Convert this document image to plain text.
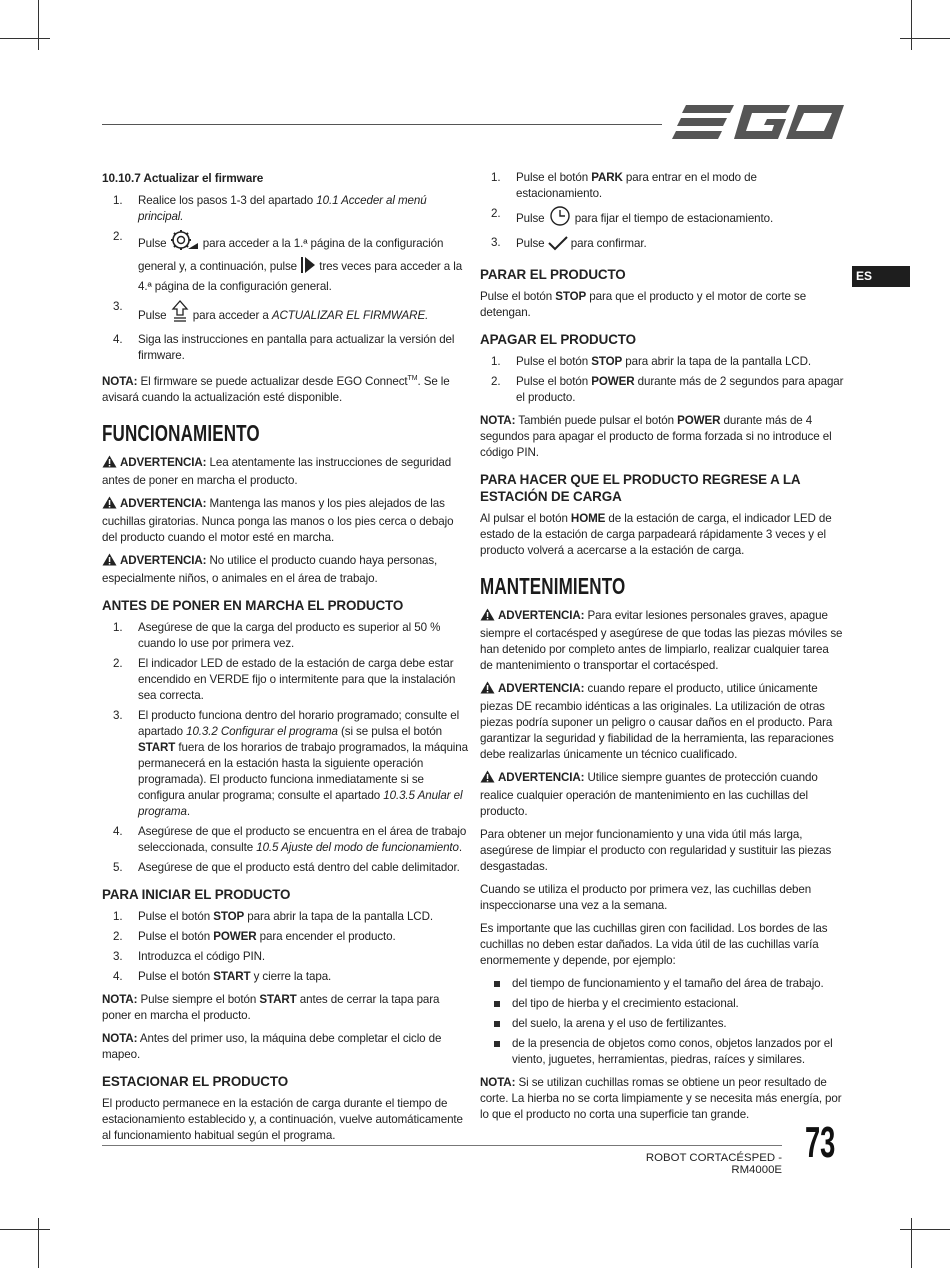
ES
10.10.7 Actualizar el firmware
1. Realice los pasos 1-3 del apartado 10.1 Acceder al menú principal.
2.
Pulse	para acceder a la 1.ª página de la configuración general y, a continuación, pulse  tres veces para acceder a la 4.ª página de la configuración general.
3.
Pulse  para acceder a ACTUALIZAR EL FIRMWARE.
4. Siga las instrucciones en pantalla para actualizar la versión del firmware.

NOTA: El firmware se puede actualizar desde EGO Connect™. Se le avisará cuando la actualización esté disponible.

FUNCIONAMIENTO

ADVERTENCIA: Lea atentamente las instrucciones de seguridad antes de poner en marcha el producto.

ADVERTENCIA: Mantenga las manos y los pies alejados de las cuchillas giratorias. Nunca ponga las manos o los pies cerca o debajo del producto cuando el motor esté en marcha.

ADVERTENCIA: No utilice el producto cuando haya personas, especialmente niños, o animales en el área de trabajo.

ANTES DE PONER EN MARCHA EL PRODUCTO
1. Asegúrese de que la carga del producto es superior al 50 % cuando lo use por primera vez.
2. El indicador LED de estado de la estación de carga debe estar encendido en VERDE fijo o intermitente para que la instalación sea correcta.
3. El producto funciona dentro del horario programado; consulte el apartado 10.3.2 Configurar el programa (si se pulsa el botón START fuera de los horarios de trabajo programados, la máquina permanecerá en la estación hasta la siguiente operación programada). El producto funciona inmediatamente si se configura anular programa; consulte el apartado 10.3.5 Anular el programa.
4. Asegúrese de que el producto se encuentra en el área de trabajo seleccionada, consulte 10.5 Ajuste del modo de funcionamiento.
5. Asegúrese de que el producto está dentro del cable delimitador.
PARA INICIAR EL PRODUCTO
1. Pulse el botón STOP para abrir la tapa de la pantalla LCD.
2. Pulse el botón POWER para encender el producto.
3. Introduzca el código PIN.
4. Pulse el botón START y cierre la tapa.

NOTA: Pulse siempre el botón START antes de cerrar la tapa para poner en marcha el producto.

NOTA: Antes del primer uso, la máquina debe completar el ciclo de mapeo.

ESTACIONAR EL PRODUCTO

El producto permanece en la estación de carga durante el tiempo de estacionamiento establecido y, a continuación, vuelve automáticamente al funcionamiento habitual según el programa.

1. Pulse el botón PARK para entrar en el modo de estacionamiento.
2. Pulse  para fijar el tiempo de estacionamiento.
3. Pulse  para confirmar.
PARAR EL PRODUCTO

Pulse el botón STOP para que el producto y el motor de corte se detengan.

APAGAR EL PRODUCTO
1. Pulse el botón STOP para abrir la tapa de la pantalla LCD.
2. Pulse el botón POWER durante más de 2 segundos para apagar el producto.

NOTA: También puede pulsar el botón POWER durante más de 4 segundos para apagar el producto de forma forzada si no introduce el código PIN.

PARA HACER QUE EL PRODUCTO REGRESE A LA ESTACIÓN DE CARGA

Al pulsar el botón HOME de la estación de carga, el indicador LED de estado de la estación de carga parpadeará rápidamente 3 veces y el producto volverá a acercarse a la estación de carga.

MANTENIMIENTO

ADVERTENCIA: Para evitar lesiones personales graves, apague siempre el cortacésped y asegúrese de que todas las piezas móviles se han detenido por completo antes de limpiarlo, realizar cualquier tarea de mantenimiento o transportar el cortacésped.

ADVERTENCIA: cuando repare el producto, utilice únicamente piezas DE recambio idénticas a las originales. La utilización de otras piezas podría suponer un peligro o causar daños en el producto. Para garantizar la seguridad y fiabilidad de la herramienta, las reparaciones debe realizarlas únicamente un técnico cualificado.

ADVERTENCIA: Utilice siempre guantes de protección cuando realice cualquier operación de mantenimiento en las cuchillas del producto.

Para obtener un mejor funcionamiento y una vida útil más larga, asegúrese de limpiar el producto con regularidad y sustituir las piezas desgastadas.

Cuando se utiliza el producto por primera vez, las cuchillas deben inspeccionarse una vez a la semana.

Es importante que las cuchillas giren con facilidad. Los bordes de las cuchillas no deben estar dañados. La vida útil de las cuchillas varía enormemente y depende, por ejemplo:

del tiempo de funcionamiento y el tamaño del área de trabajo.
del tipo de hierba y el crecimiento estacional.
del suelo, la arena y el uso de fertilizantes.
de la presencia de objetos como conos, objetos lanzados por el viento, juguetes, herramientas, piedras, raíces y similares.

NOTA: Si se utilizan cuchillas romas se obtiene un peor resultado de corte. La hierba no se corta limpiamente y se necesita más energía, por lo que el producto no corta una superficie tan grande.

ROBOT CORTACÉSPED - RM4000E
73
